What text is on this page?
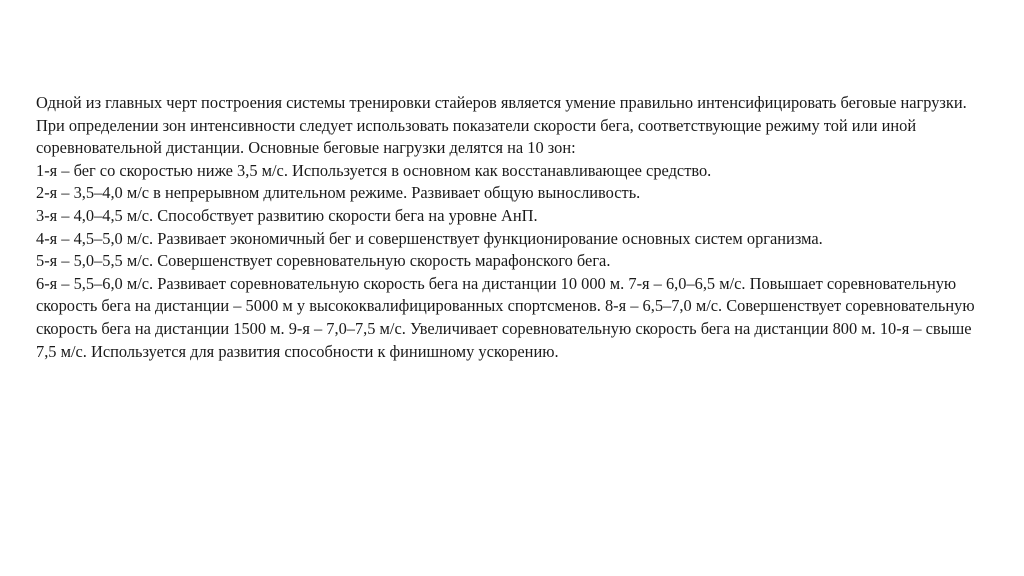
Одной из главных черт построения системы тренировки стайеров является умение правильно интенсифицировать беговые нагрузки.

При определении зон интенсивности следует использовать показатели скорости бега, соответствующие режиму той или иной соревновательной дистанции. Основные беговые нагрузки делятся на 10 зон:

1-я – бег со скоростью ниже 3,5 м/с. Используется в основном как восстанавливающее средство.

2-я – 3,5–4,0 м/с в непрерывном длительном режиме. Развивает общую выносливость.

3-я – 4,0–4,5 м/с. Способствует развитию скорости бега на уровне АнП.

4-я – 4,5–5,0 м/с. Развивает экономичный бег и совершенствует функционирование основных систем организма.

5-я – 5,0–5,5 м/с. Совершенствует соревновательную скорость марафонского бега.

6-я – 5,5–6,0 м/с. Развивает соревновательную скорость бега на дистанции 10 000 м. 7-я – 6,0–6,5 м/с. Повышает соревновательную скорость бега на дистанции – 5000 м у высококвалифицированных спортсменов. 8-я – 6,5–7,0 м/с. Совершенствует соревновательную скорость бега на дистанции 1500 м. 9-я – 7,0–7,5 м/с. Увеличивает соревновательную скорость бега на дистанции 800 м. 10-я – свыше 7,5 м/с. Используется для развития способности к финишному ускорению.
